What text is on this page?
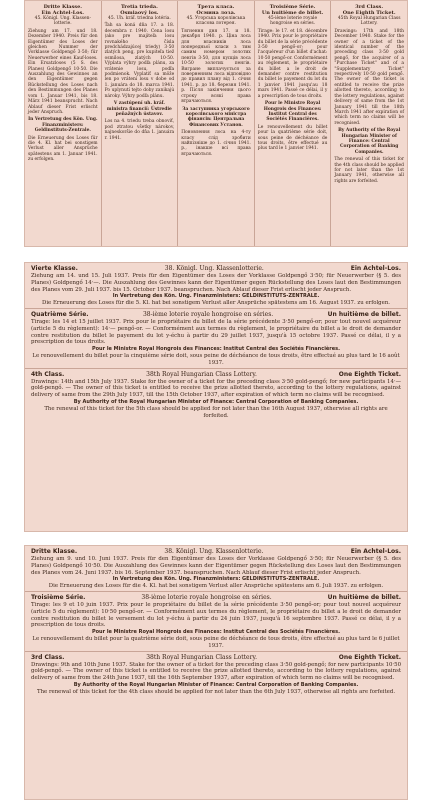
Dritte Klasse.
Ein Achtel-Los.

45. Königl. Ung. Klassen-lotterie.

Ziehung am 17. und 18. Dezember 1940. Preis für den Eigentümer des Loses der gleichen Nummer der Vorklasse Goldpengő 3·50; für Neuerwerber eines Kauf-loses. Ein Ersatzloses (5 S. des Planes) Goldpengő 10·50. Die Auszahlung des Gewinnes an den Eigentümer gegen Rückstellung des Loses nach den Bestimmungen des Planes vom 1. Januar 1941, bis 18. März 1941 beansprucht. Nach Ablauf dieser Frist erlischt jeder Anspruch.

In Vertretung des Kön. Ung. Finanzministers: Geldinstituts-Zentrale.

Die Erneuerung des Loses für die 4. Kl. hat bei sonstigem Verlust aller Ansprüche spätestens am 1. Januar 1941. zu erfolgen.

Tretia trieda.
Osmiaový los.

45. Uh. kráľ. triedna lotéria.

Ťah sa koná dňa 17. a 18. decembra r. 1940. Cena losu (ako pre majiteľa losu rovnakého čísla predchádzajúcej triedy) 3·50 zlatých peng, pre kupiteľa tiež osmilosa, zlatých 10·50. Výplata výhry podľa plánu, za vrátenie losu, podľa podmienok. Vyplatiť sa môže len po vrátení losu v dobe od 1. januára do 18. marca 1941. Po uplynutí tejto doby zanikajú nároky. Výhry podľa plánu.

V zastúpení uh. kráľ. ministra financií: Ústredie peňažných ústavov.

Los na 4. triedu treba obnoviť, pod ztratou všetky nárokov, najneskoršie do dňa 1. januára r. 1941.

Трета класа.
Осмина лоза.

45. Угорська королівська класова лотерея.

Тягнення дня 17. и 18. декабря 1940. р. Ціна лоса для власників лоса попередньої класи з тим самим номером золотих пенгів 3·50, для купців лоса 10·50 золотих пенгів. Вигране виплачується за поверненням лоса відповідно до правил плану від 1. січня 1941. р. до 18. березня 1941. р. Після закінчення цього строку всякі права втрачаються.

За заступника угорського королівського міністра фінансів: Центральна Фінансових Установ.

Поновлення лоса на 4-ту класу слід зробити найпізніше до 1. січня 1941. р., інакше всі права втрачаються.

Troisième Série.
Un huitième de billet.

45-ième loterie royale hongroise en séries.

Tirage: le 17. et 18. décembre 1940. Prix pour le propriétaire du billet de la série précédente 3·50 pengő-or; pour l'acquéreur d'un billet d'achat: 10·50 pengő-or. Conformément au règlement, le propriétaire du billet a le droit de demander contre restitution du billet le payement du lot du 1 janvier 1941 jusqu'au 18 mars 1941. Passé ce délai, il y a prescription de tous droits.

Pour le Ministre Royal Hongrois des Finances: Institut Central des Sociétés Financières.

Le renouvellement du billet pour la quatrième série doit, sous peine de déchéance de tous droits, être effectué au plus tard le 1 janvier 1941.

3rd Class.
One Eighth Ticket.

45th Royal Hungarian Class Lottery.

Drawings: 17th and 18th December 1940. Stake for the owner of a ticket of the identical number of the preceding class 3·50 gold pengő, for the acquirer of a "Purchase Ticket" and of a "Supplementary Ticket" respectively 10·50 gold pengő. The owner of the ticket is entitled to receive the prize allotted thereto, according to the lottery regulations, against delivery of same from the 1st January 1941 till the 18th March 1941 after expiration of which term no claims will be recognised.

By Authority of the Royal Hungarian Minister of Finance: Central Corporation of Banking Companies.

The renewal of this ticket for the 4th class should be applied for not later than the 1st January 1941, otherwise all rights are forfeited.

Vierte Klasse.	38. Königl. Ung. Klassenlotterie.	Ein Achtel-Los.
Ziehung am 14. und 15. Juli 1937. Preis für den Eigentümer des Loses der Vorklasse Goldpengő 3·50; für Neuerwerber (§ 5. des Planes) Goldpengő 14·—. Die Auszahlung des Gewinnes kann der Eigentümer gegen Rückstellung des Loses laut den Bestimmungen des Planes vom 29. Juli 1937. bis 15. October 1937. beanspruchen. Nach Ablauf dieser Frist erlischt jeder Anspruch.
In Vertretung des Kön. Ung. Finanzministers: GELDINSTITUTS-ZENTRALE.
Die Erneuerung des Loses für die 5. Kl. hat bei sonstigem Verlust aller Ansprüche spätestens am 16. August 1937. zu erfolgen.
Quatrième Série.	38-ième loterie royale hongroise en séries.	Un huitième de billet.
Tirage: les 14 et 15 juillet 1937. Prix pour le propriétaire du billet de la série précédente 3·50 pengő-or; pour tout nouvel acquéreur (article 5 du règlement): 14·— pengő-or. — Conformément aux termes du règlement, le propriétaire du billet a le droit de demander contre restitution du billet le payement du lot y-échu à partir du 29 juillet 1937, jusqu'à 15 octobre 1937. Passé ce délai, il y a prescription de tous droits.
Pour le Ministre Royal Hongrois des Finances: Institut Central des Sociétés Financières.
Le renouvellement du billet pour la cinquième série doit, sous peine de déchéance de tous droits, être effectué au plus tard le 16 août 1937.
4th Class.	38th Royal Hungarian Class Lottery.	One Eighth Ticket.
Drawings: 14th and 15th July 1937. Stake for the owner of a ticket for the preceding class 3·50 gold-pengő; for new participants 14·— gold-pengő. — The owner of this ticket is entitled to receive the prize allotted thereto, according to the lottery regulations, against delivery of same from the 29th July 1937, till the 15th October 1937, after expiration of which term no claims will be recognised.
By Authority of the Royal Hungarian Minister of Finance: Central Corporation of Banking Companies.
The renewal of this ticket for the 5th class should be applied for not later than the 16th August 1937, otherwise all rights are forfeited.
Dritte Klasse.	38. Königl. Ung. Klassenlotterie.	Ein Achtel-Los.
Ziehung am 9. und 10. Juni 1937. Preis für den Eigentümer des Loses der Vorklasse Goldpengő 3·50; für Neuerwerber (§ 5. des Planes) Goldpengő 10·50. Die Auszahlung des Gewinnes kann der Eigentümer gegen Rückstellung des Loses laut den Bestimmungen des Planes vom 24. Juni 1937. bis 16. September 1937. beanspruchen. Nach Ablauf dieser Frist erlischt jeder Anspruch.
In Vertretung des Kön. Ung. Finanzministers: GELDINSTITUTS-ZENTRALE.
Die Erneuerung des Loses für die 4. Kl. hat bei sonstigem Verlust aller Ansprüche spätestens am 6. Juli 1937. zu erfolgen.
Troisième Série.	38-ième loterie royale hongroise en séries.	Un huitième de billet.
Tirage: les 9 et 10 juin 1937. Prix pour le propriétaire du billet de la série précédente 3·50 pengő-or; pour tout nouvel acquéreur (article 5 du règlement): 10·50 pengő-or. — Conformément aux termes du règlement, le propriétaire du billet a le droit de demander contre restitution du billet le versement du lot y-échu à partir du 24 juin 1937, jusqu'à 16 septembre 1937. Passé ce délai, il y a prescription de tous droits.
Pour le Ministre Royal Hongrois des Finances: Institut Central des Sociétés Financières.
Le renouvellement du billet pour la quatrième série doit, sous peine de déchéance de tous droits, être effectué au plus tard le 6 juillet 1937.
3rd Class.	38th Royal Hungarian Class Lottery.	One Eighth Ticket.
Drawings: 9th and 10th June 1937. Stake for the owner of a ticket for the preceding class 3·50 gold-pengő; for new participants 10·50 gold-pengő. — The owner of this ticket is entitled to receive the prize allotted thereto, according to the lottery regulations, against delivery of same from the 24th June 1937, till the 16th September 1937, after expiration of which term no claims will be recognised.
By Authority of the Royal Hungarian Minister of Finance: Central Corporation of Banking Companies.
The renewal of this ticket for the 4th class should be applied for not later than the 6th July 1937, otherwise all rights are forfeited.
